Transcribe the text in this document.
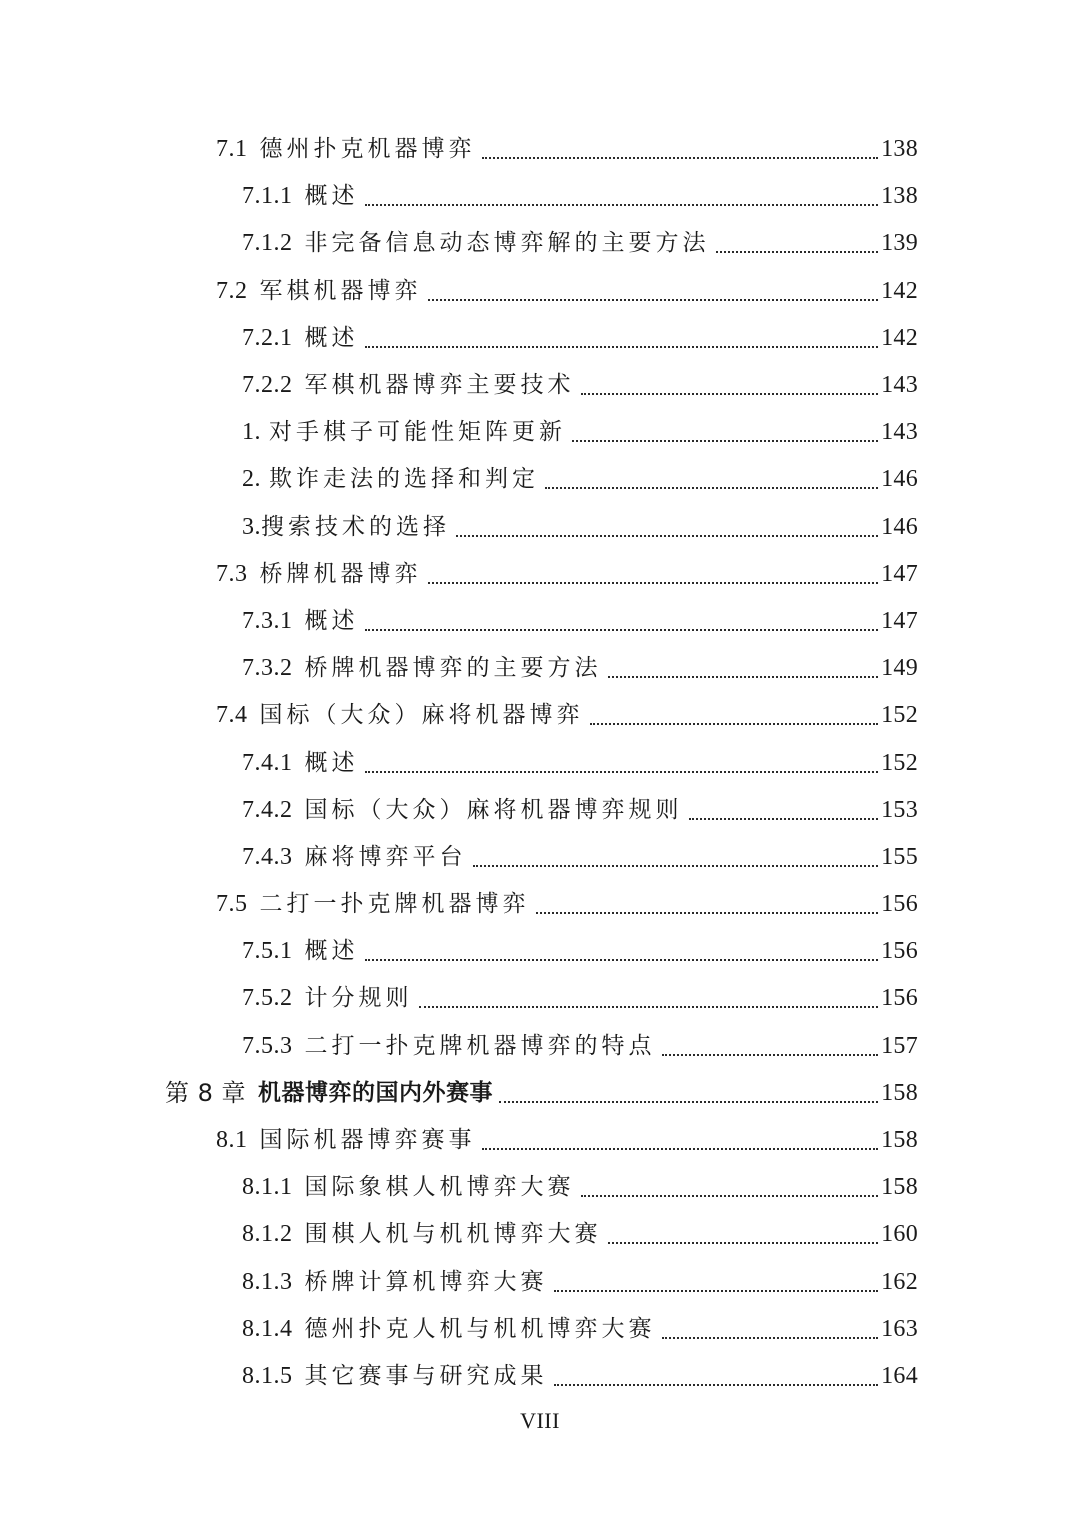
7.1 德州扑克机器博弈	138
7.1.1 概述	138
7.1.2 非完备信息动态博弈解的主要方法	139
7.2 军棋机器博弈	142
7.2.1 概述	142
7.2.2 军棋机器博弈主要技术	143
1. 对手棋子可能性矩阵更新	143
2. 欺诈走法的选择和判定	146
3. 搜索技术的选择	146
7.3 桥牌机器博弈	147
7.3.1 概述	147
7.3.2 桥牌机器博弈的主要方法	149
7.4 国标（大众）麻将机器博弈	152
7.4.1 概述	152
7.4.2 国标（大众）麻将机器博弈规则	153
7.4.3 麻将博弈平台	155
7.5 二打一扑克牌机器博弈	156
7.5.1 概述	156
7.5.2 计分规则	156
7.5.3 二打一扑克牌机器博弈的特点	157
第 8 章 机器博弈的国内外赛事	158
8.1 国际机器博弈赛事	158
8.1.1 国际象棋人机博弈大赛	158
8.1.2 围棋人机与机机博弈大赛	160
8.1.3 桥牌计算机博弈大赛	162
8.1.4 德州扑克人机与机机博弈大赛	163
8.1.5 其它赛事与研究成果	164
VIII
